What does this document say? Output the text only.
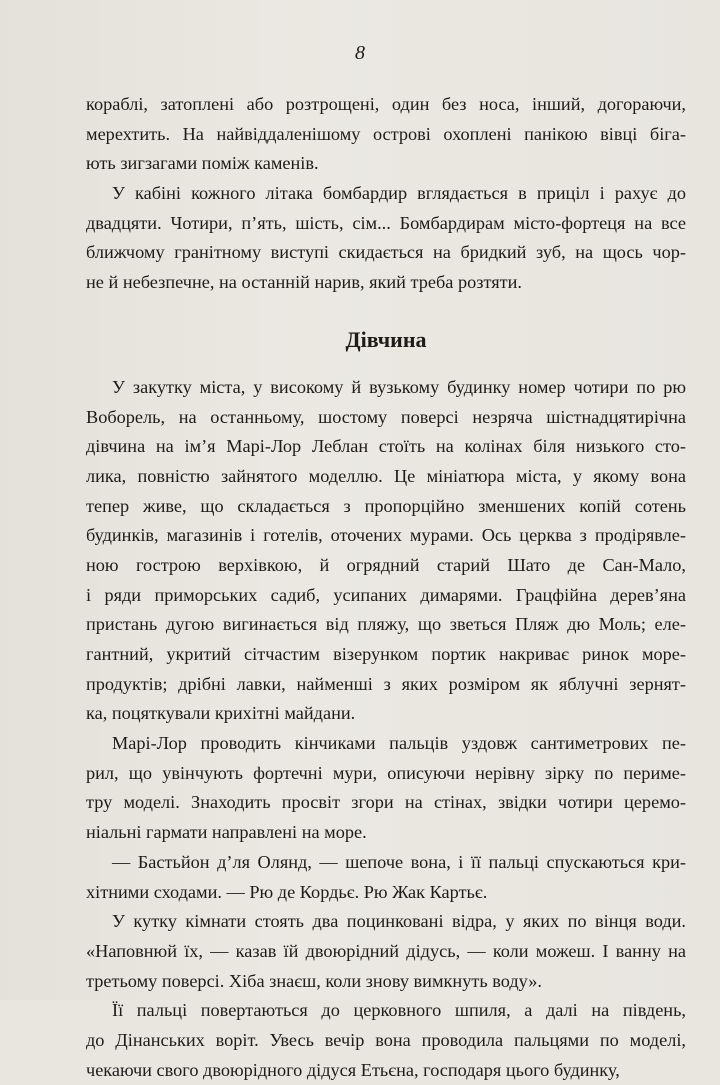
8
кораблі, затоплені або розтрощені, один без носа, інший, догораючи,
мерехтить. На найвіддаленішому острові охоплені панікою вівці біга-
ють зигзагами поміж каменів.
У кабіні кожного літака бомбардир вглядається в приціл і рахує до
двадцяти. Чотири, п’ять, шість, сім... Бомбардирам місто-фортеця на все
ближчому гранітному виступі скидається на бридкий зуб, на щось чор-
не й небезпечне, на останній нарив, який треба розтяти.
Дівчина
У закутку міста, у високому й вузькому будинку номер чотири по рю
Воборель, на останньому, шостому поверсі незряча шістнадцятирічна
дівчина на ім’я Марі-Лор Леблан стоїть на колінах біля низького сто-
лика, повністю зайнятого моделлю. Це мініатюра міста, у якому вона
тепер живе, що складається з пропорційно зменшених копій сотень
будинків, магазинів і готелів, оточених мурами. Ось церква з продірявле-
ною гострою верхівкою, й огрядний старий Шато де Сан-Мало,
і ряди приморських садиб, усипаних димарями. Грацфійна дерев’яна
пристань дугою вигинається від пляжу, що зветься Пляж дю Моль; еле-
гантний, укритий сітчастим візерунком портик накриває ринок море-
продуктів; дрібні лавки, найменші з яких розміром як яблучні зернят-
ка, поцяткували крихітні майдани.
Марі-Лор проводить кінчиками пальців уздовж сантиметрових пе-
рил, що увінчують фортечні мури, описуючи нерівну зірку по периме-
тру моделі. Знаходить просвіт згори на стінах, звідки чотири церемо-
ніальні гармати направлені на море.
— Бастьйон д’ля Олянд, — шепоче вона, і її пальці спускаються кри-
хітними сходами. — Рю де Кордьє. Рю Жак Картьє.
У кутку кімнати стоять два поцинковані відра, у яких по вінця води.
«Наповнюй їх, — казав їй двоюрідний дідусь, — коли можеш. І ванну на
третьому поверсі. Хіба знаєш, коли знову вимкнуть воду».
Її пальці повертаються до церковного шпиля, а далі на південь,
до Дінанських воріт. Увесь вечір вона проводила пальцями по моделі,
чекаючи свого двоюрідного дідуся Етьєна, господаря цього будинку,
